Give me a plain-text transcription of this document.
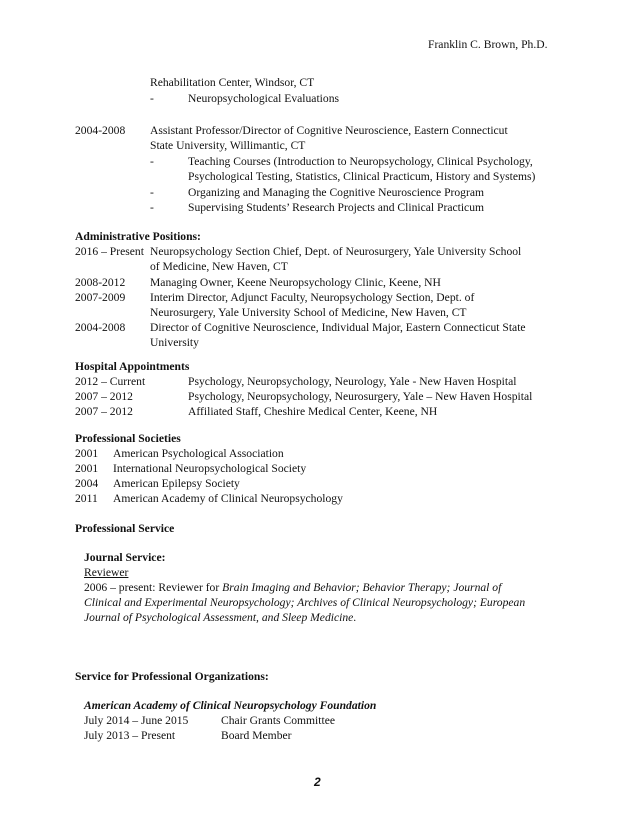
Franklin C. Brown, Ph.D.
Rehabilitation Center, Windsor, CT
-	Neuropsychological Evaluations
2004-2008 Assistant Professor/Director of Cognitive Neuroscience, Eastern Connecticut
State University, Willimantic, CT
-	Teaching Courses (Introduction to Neuropsychology, Clinical Psychology,
Psychological Testing, Statistics, Clinical Practicum, History and Systems)
-	Organizing and Managing the Cognitive Neuroscience Program
-	Supervising Students’ Research Projects and Clinical Practicum
Administrative Positions:
2016 – Present Neuropsychology Section Chief, Dept. of Neurosurgery, Yale University School
of Medicine, New Haven, CT
2008-2012 Managing Owner, Keene Neuropsychology Clinic, Keene, NH
2007-2009 Interim Director, Adjunct Faculty, Neuropsychology Section, Dept. of
Neurosurgery, Yale University School of Medicine, New Haven, CT
2004-2008 Director of Cognitive Neuroscience, Individual Major, Eastern Connecticut State
University
Hospital Appointments
2012 – Current	Psychology, Neuropsychology, Neurology, Yale - New Haven Hospital
2007 – 2012	Psychology, Neuropsychology, Neurosurgery, Yale – New Haven Hospital
2007 – 2012	Affiliated Staff, Cheshire Medical Center, Keene, NH
Professional Societies
2001 American Psychological Association
2001 International Neuropsychological Society
2004 American Epilepsy Society
2011 American Academy of Clinical Neuropsychology
Professional Service
Journal Service:
Reviewer
2006 – present: Reviewer for Brain Imaging and Behavior; Behavior Therapy; Journal of
Clinical and Experimental Neuropsychology; Archives of Clinical Neuropsychology; European
Journal of Psychological Assessment, and Sleep Medicine.
Service for Professional Organizations:
American Academy of Clinical Neuropsychology Foundation
July 2014 – June 2015	Chair Grants Committee
July 2013 – Present	Board Member
2
